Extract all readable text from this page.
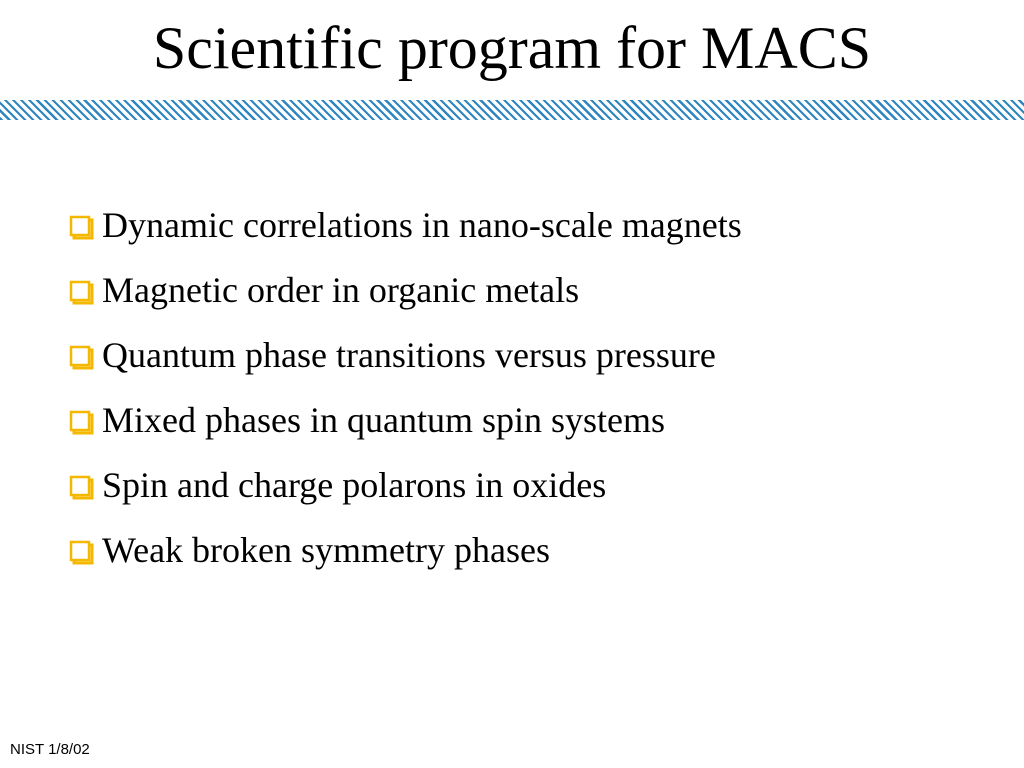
Scientific program for MACS
Dynamic correlations in nano-scale magnets
Magnetic order in organic metals
Quantum phase transitions versus pressure
Mixed phases in quantum spin systems
Spin and charge polarons in oxides
Weak broken symmetry phases
NIST 1/8/02
